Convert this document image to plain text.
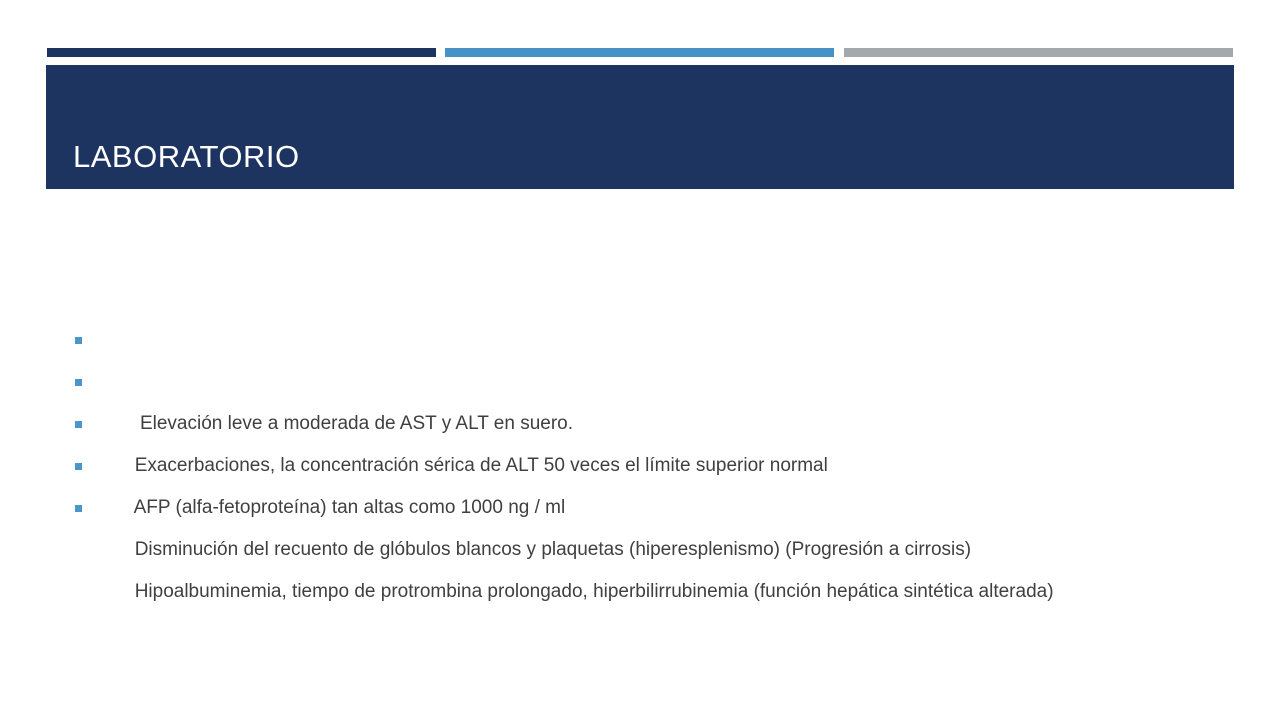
LABORATORIO

Elevación leve a moderada de AST y ALT en suero.

Exacerbaciones, la concentración sérica de ALT 50 veces el límite superior normal

AFP (alfa-fetoproteína) tan altas como 1000 ng / ml

Disminución del recuento de glóbulos blancos y plaquetas (hiperesplenismo) (Progresión a cirrosis)

Hipoalbuminemia, tiempo de protrombina prolongado, hiperbilirrubinemia (función hepática sintética alterada)
